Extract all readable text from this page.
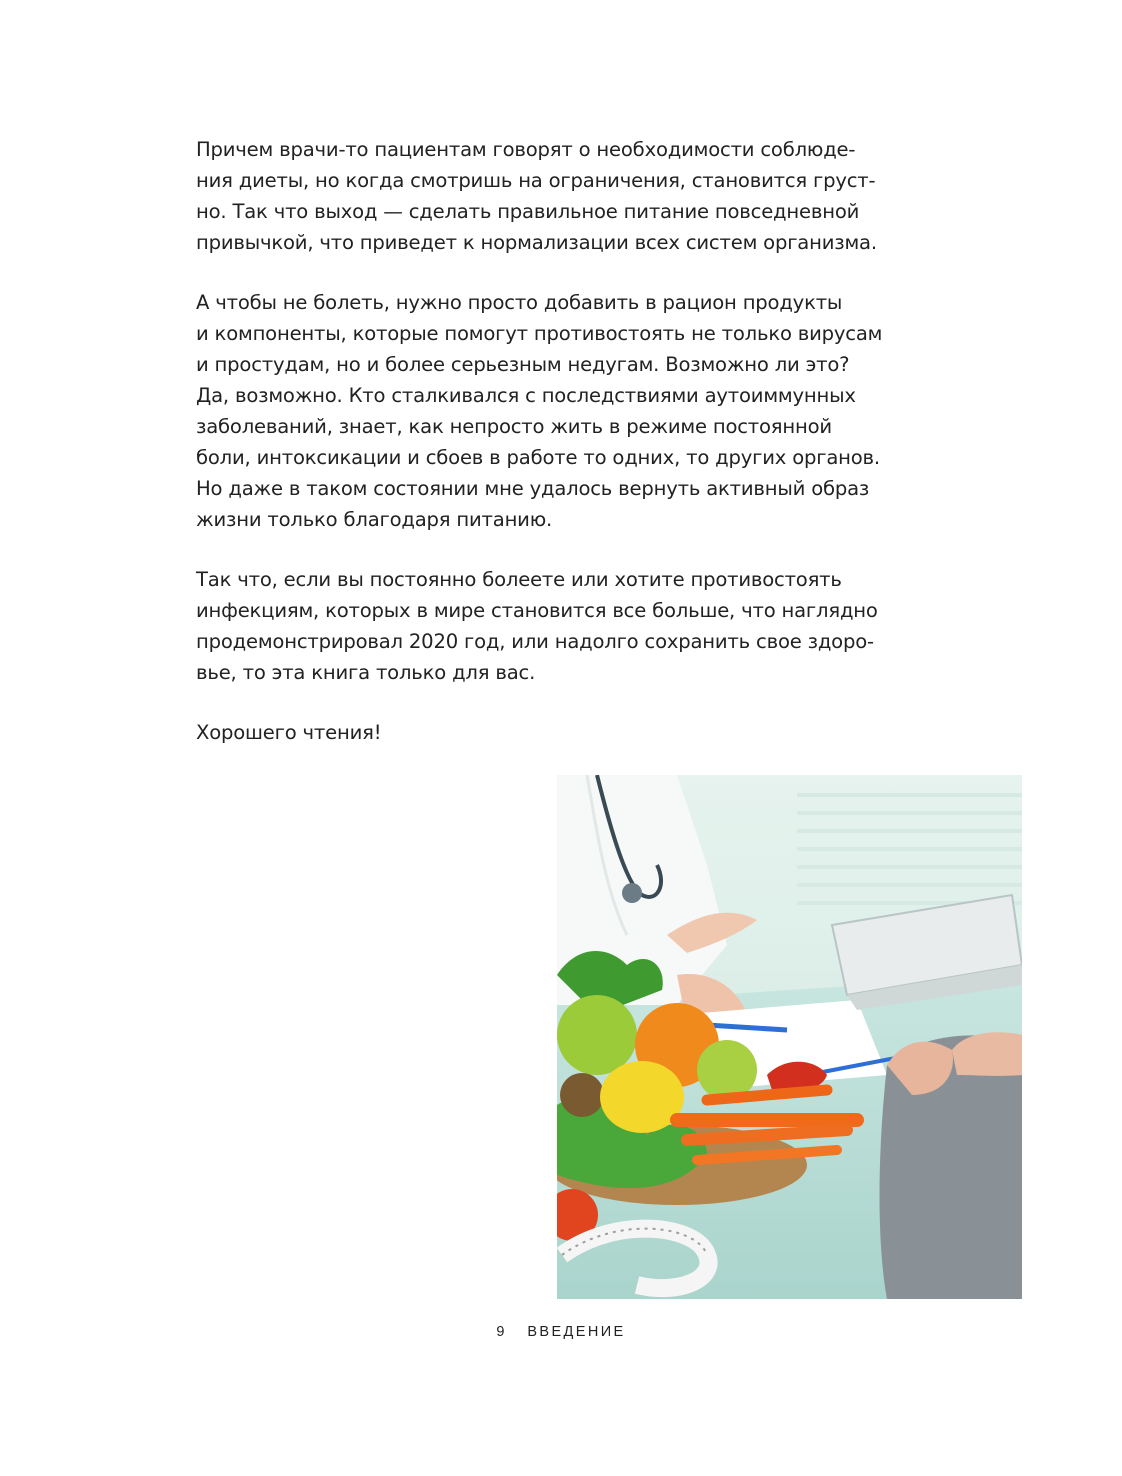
Причем врачи-то пациентам говорят о необходимости соблюде-
ния диеты, но когда смотришь на ограничения, становится груст-
но. Так что выход — сделать правильное питание повседневной
привычкой, что приведет к нормализации всех систем организма.

А чтобы не болеть, нужно просто добавить в рацион продукты
и компоненты, которые помогут противостоять не только вирусам
и простудам, но и более серьезным недугам. Возможно ли это?
Да, возможно. Кто сталкивался с последствиями аутоиммунных
заболеваний, знает, как непросто жить в режиме постоянной
боли, интоксикации и сбоев в работе то одних, то других органов.
Но даже в таком состоянии мне удалось вернуть активный образ
жизни только благодаря питанию.

Так что, если вы постоянно болеете или хотите противостоять
инфекциям, которых в мире становится все больше, что наглядно
продемонстрировал 2020 год, или надолго сохранить свое здоро-
вье, то эта книга только для вас.

Хорошего чтения!

9 ВВЕДЕНИЕ
